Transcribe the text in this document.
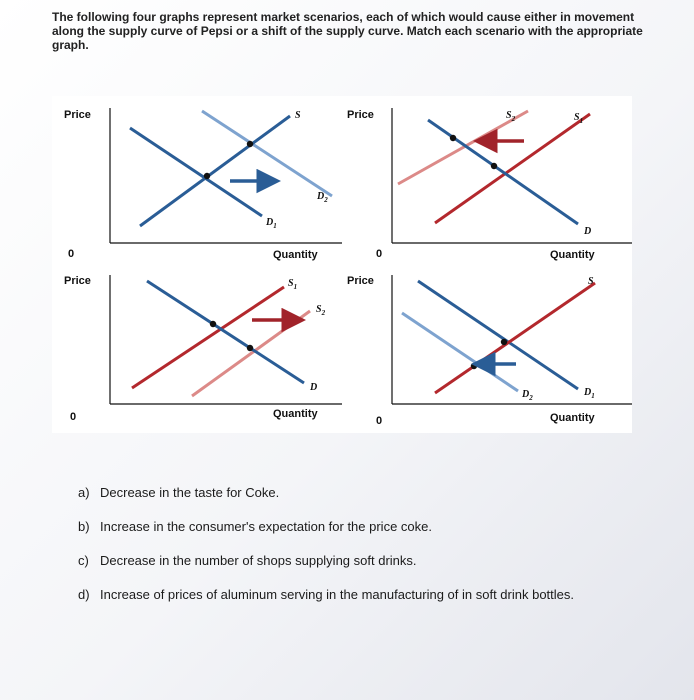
The following four graphs represent market scenarios, each of which would cause either in movement along the supply curve of Pepsi or a shift of the supply curve. Match each scenario with the appropriate graph.
Price
0	Quantity
S
$D_2$
$D_1$
Price
0	Quantity
$S_2$	$S_1$
D
Price
0	Quantity
$S_1$
$S_2$
D
Price
0	Quantity
S
$D_2$	$D_1$
a) Decrease in the taste for Coke.
b) Increase in the consumer's expectation for the price coke.
c) Decrease in the number of shops supplying soft drinks.
d) Increase of prices of aluminum serving in the manufacturing of in soft drink bottles.
